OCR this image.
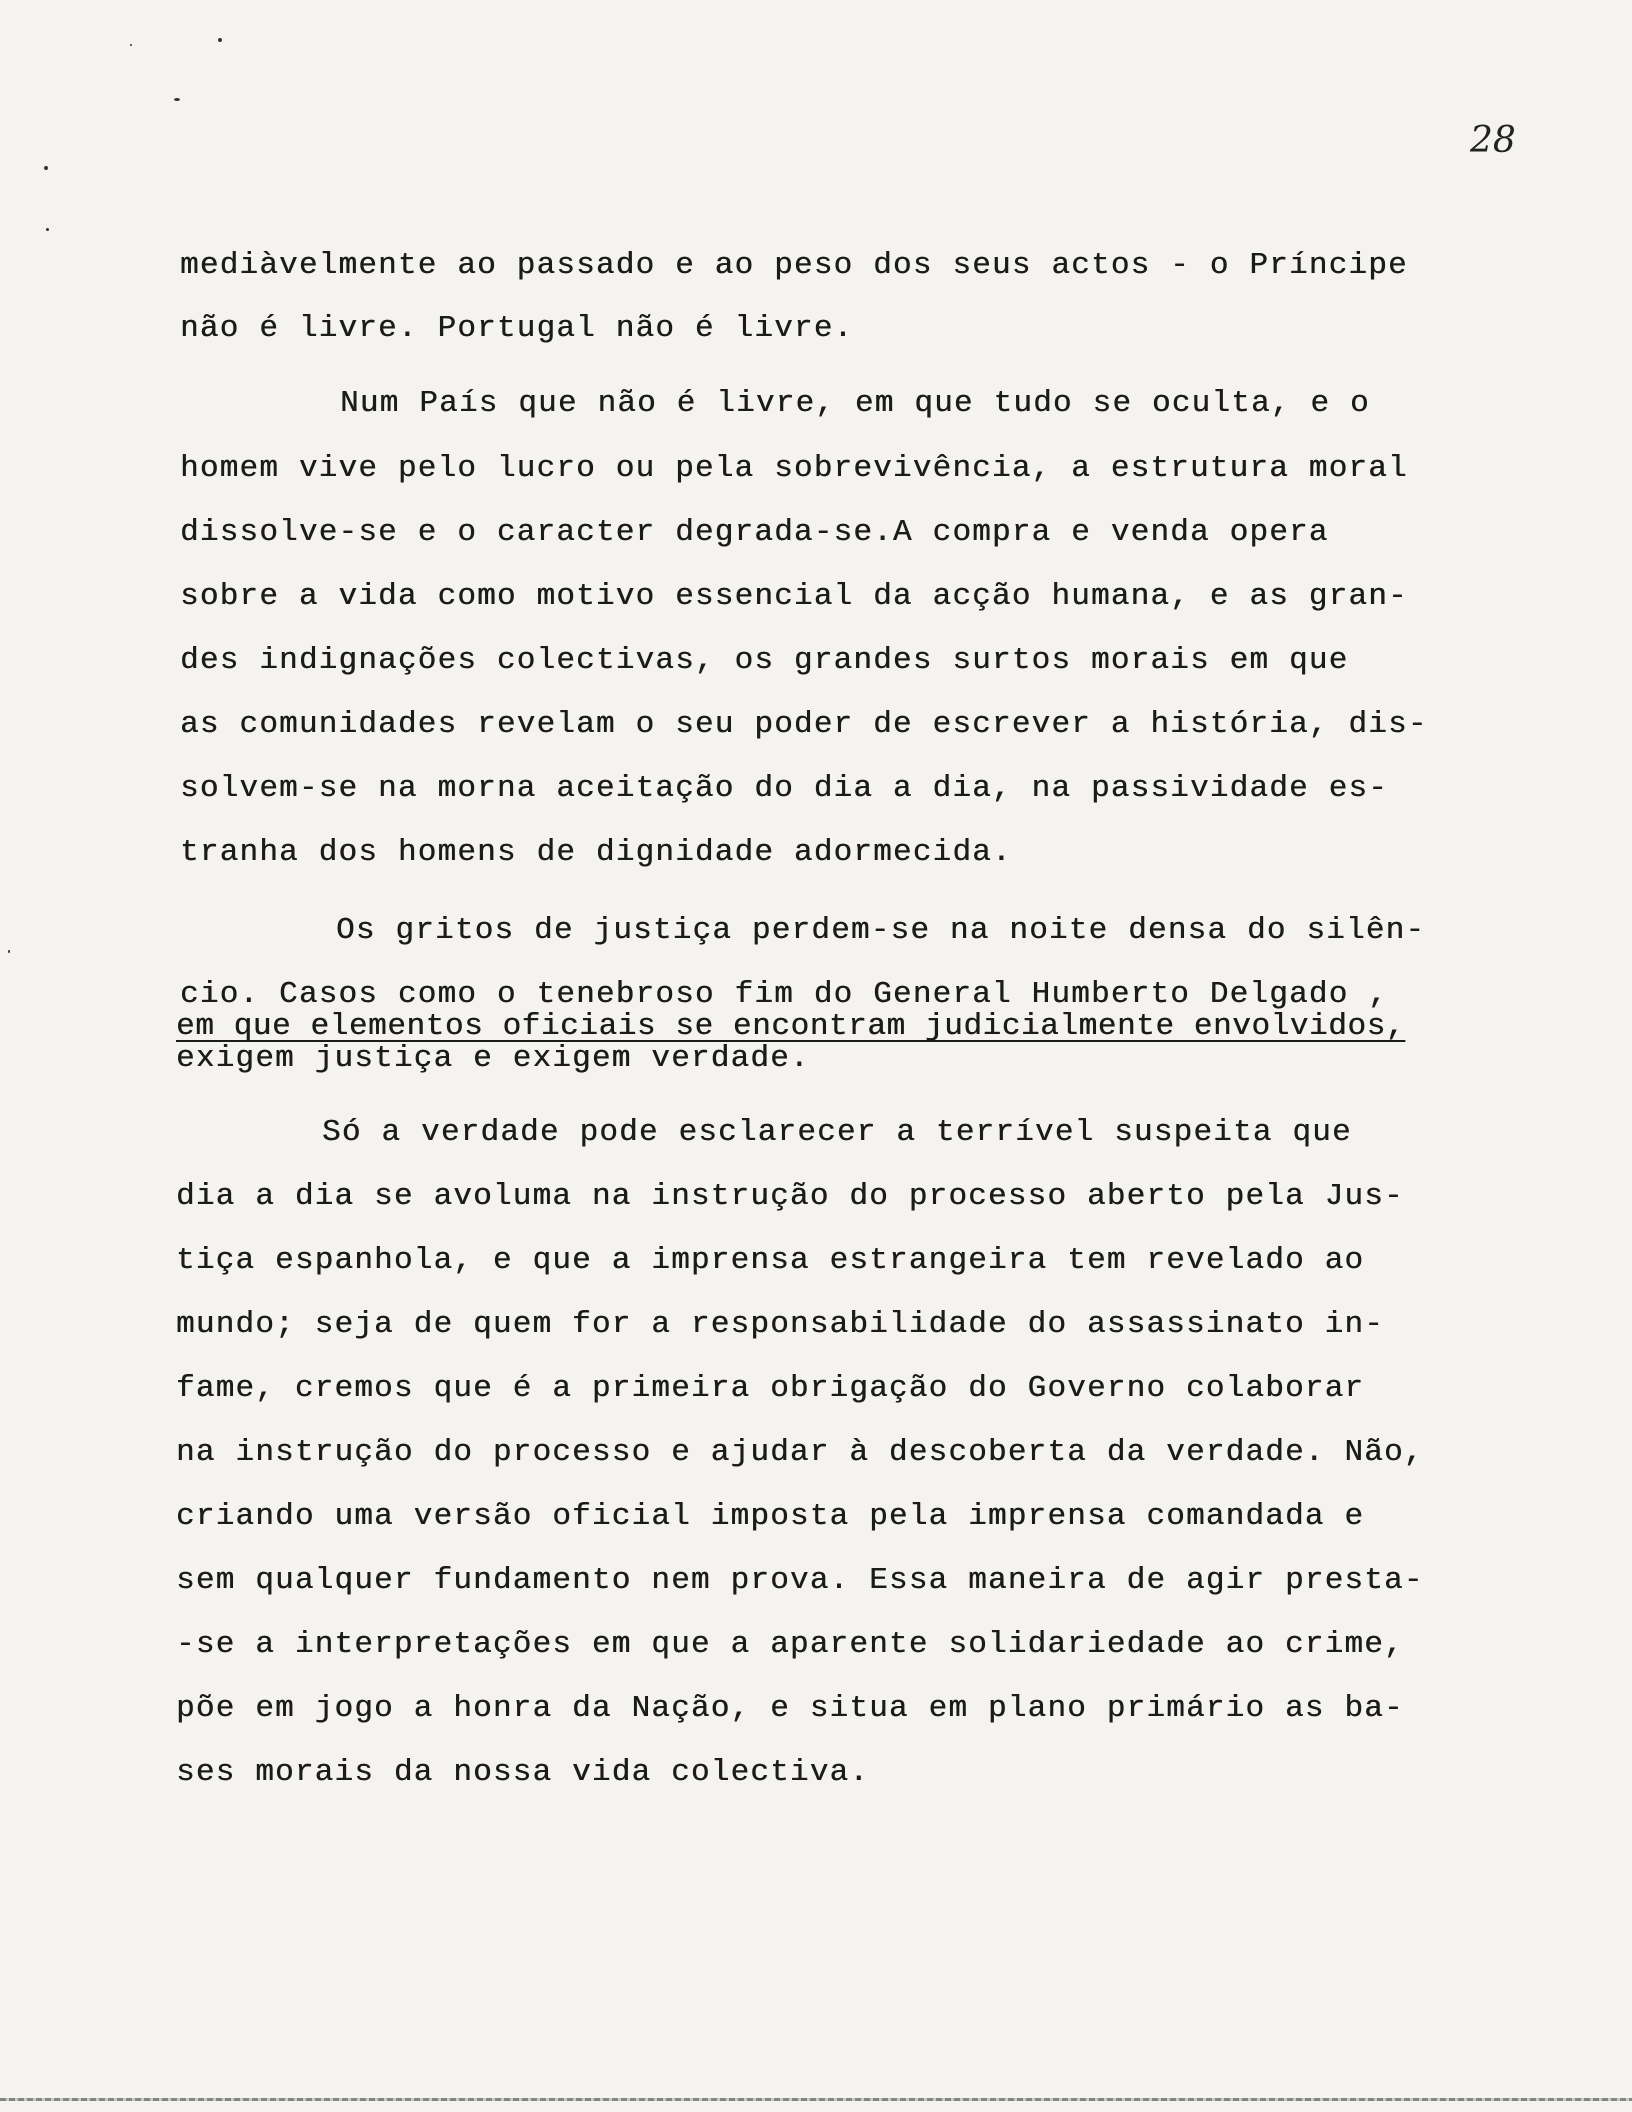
28
mediàvelmente ao passado e ao peso dos seus actos - o Príncipe
não é livre. Portugal não é livre.
Num País que não é livre, em que tudo se oculta, e o
homem vive pelo lucro ou pela sobrevivência, a estrutura moral
dissolve-se e o caracter degrada-se.A compra e venda opera
sobre a vida como motivo essencial da acção humana, e as gran-
des indignações colectivas, os grandes surtos morais em que
as comunidades revelam o seu poder de escrever a história, dis-
solvem-se na morna aceitação do dia a dia, na passividade es-
tranha dos homens de dignidade adormecida.
Os gritos de justiça perdem-se na noite densa do silên-
cio. Casos como o tenebroso fim do General Humberto Delgado ,
em que elementos oficiais se encontram judicialmente envolvidos,
exigem justiça e exigem verdade.
Só a verdade pode esclarecer a terrível suspeita que
dia a dia se avoluma na instrução do processo aberto pela Jus-
tiça espanhola, e que a imprensa estrangeira tem revelado ao
mundo; seja de quem for a responsabilidade do assassinato in-
fame, cremos que é a primeira obrigação do Governo colaborar
na instrução do processo e ajudar à descoberta da verdade. Não,
criando uma versão oficial imposta pela imprensa comandada e
sem qualquer fundamento nem prova. Essa maneira de agir presta-
-se a interpretações em que a aparente solidariedade ao crime,
põe em jogo a honra da Nação, e situa em plano primário as ba-
ses morais da nossa vida colectiva.
